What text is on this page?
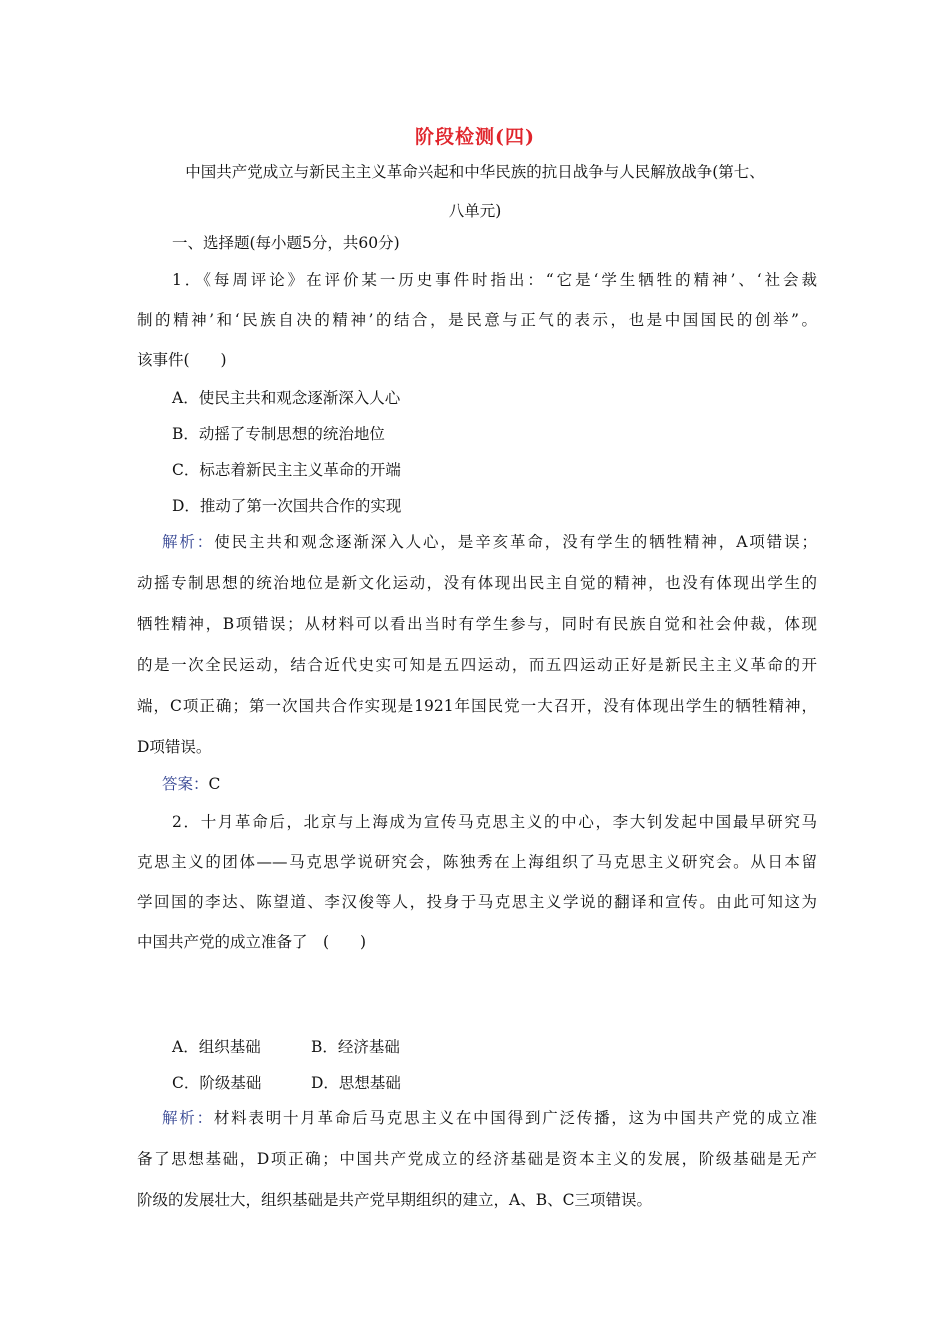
阶段检测(四)
中国共产党成立与新民主主义革命兴起和中华民族的抗日战争与人民解放战争(第七、
八单元)
一、选择题(每小题5分，共60分)
1．《每周评论》在评价某一历史事件时指出：“它是‘学生牺牲的精神’、‘社会裁
制的精神’和‘民族自决的精神’的结合，是民意与正气的表示，也是中国国民的创举”。
该事件(　　)
A．使民主共和观念逐渐深入人心
B．动摇了专制思想的统治地位
C．标志着新民主主义革命的开端
D．推动了第一次国共合作的实现
解析：使民主共和观念逐渐深入人心，是辛亥革命，没有学生的牺牲精神，A项错误；
动摇专制思想的统治地位是新文化运动，没有体现出民主自觉的精神，也没有体现出学生的
牺牲精神，B项错误；从材料可以看出当时有学生参与，同时有民族自觉和社会仲裁，体现
的是一次全民运动，结合近代史实可知是五四运动，而五四运动正好是新民主主义革命的开
端，C项正确；第一次国共合作实现是1921年国民党一大召开，没有体现出学生的牺牲精神，
D项错误。
答案：C
2．十月革命后，北京与上海成为宣传马克思主义的中心，李大钊发起中国最早研究马
克思主义的团体——马克思学说研究会，陈独秀在上海组织了马克思主义研究会。从日本留
学回国的李达、陈望道、李汉俊等人，投身于马克思主义学说的翻译和宣传。由此可知这为
中国共产党的成立准备了　(　　)
A．组织基础	B．经济基础
C．阶级基础	D．思想基础
解析：材料表明十月革命后马克思主义在中国得到广泛传播，这为中国共产党的成立准
备了思想基础，D项正确；中国共产党成立的经济基础是资本主义的发展，阶级基础是无产
阶级的发展壮大，组织基础是共产党早期组织的建立，A、B、C三项错误。
